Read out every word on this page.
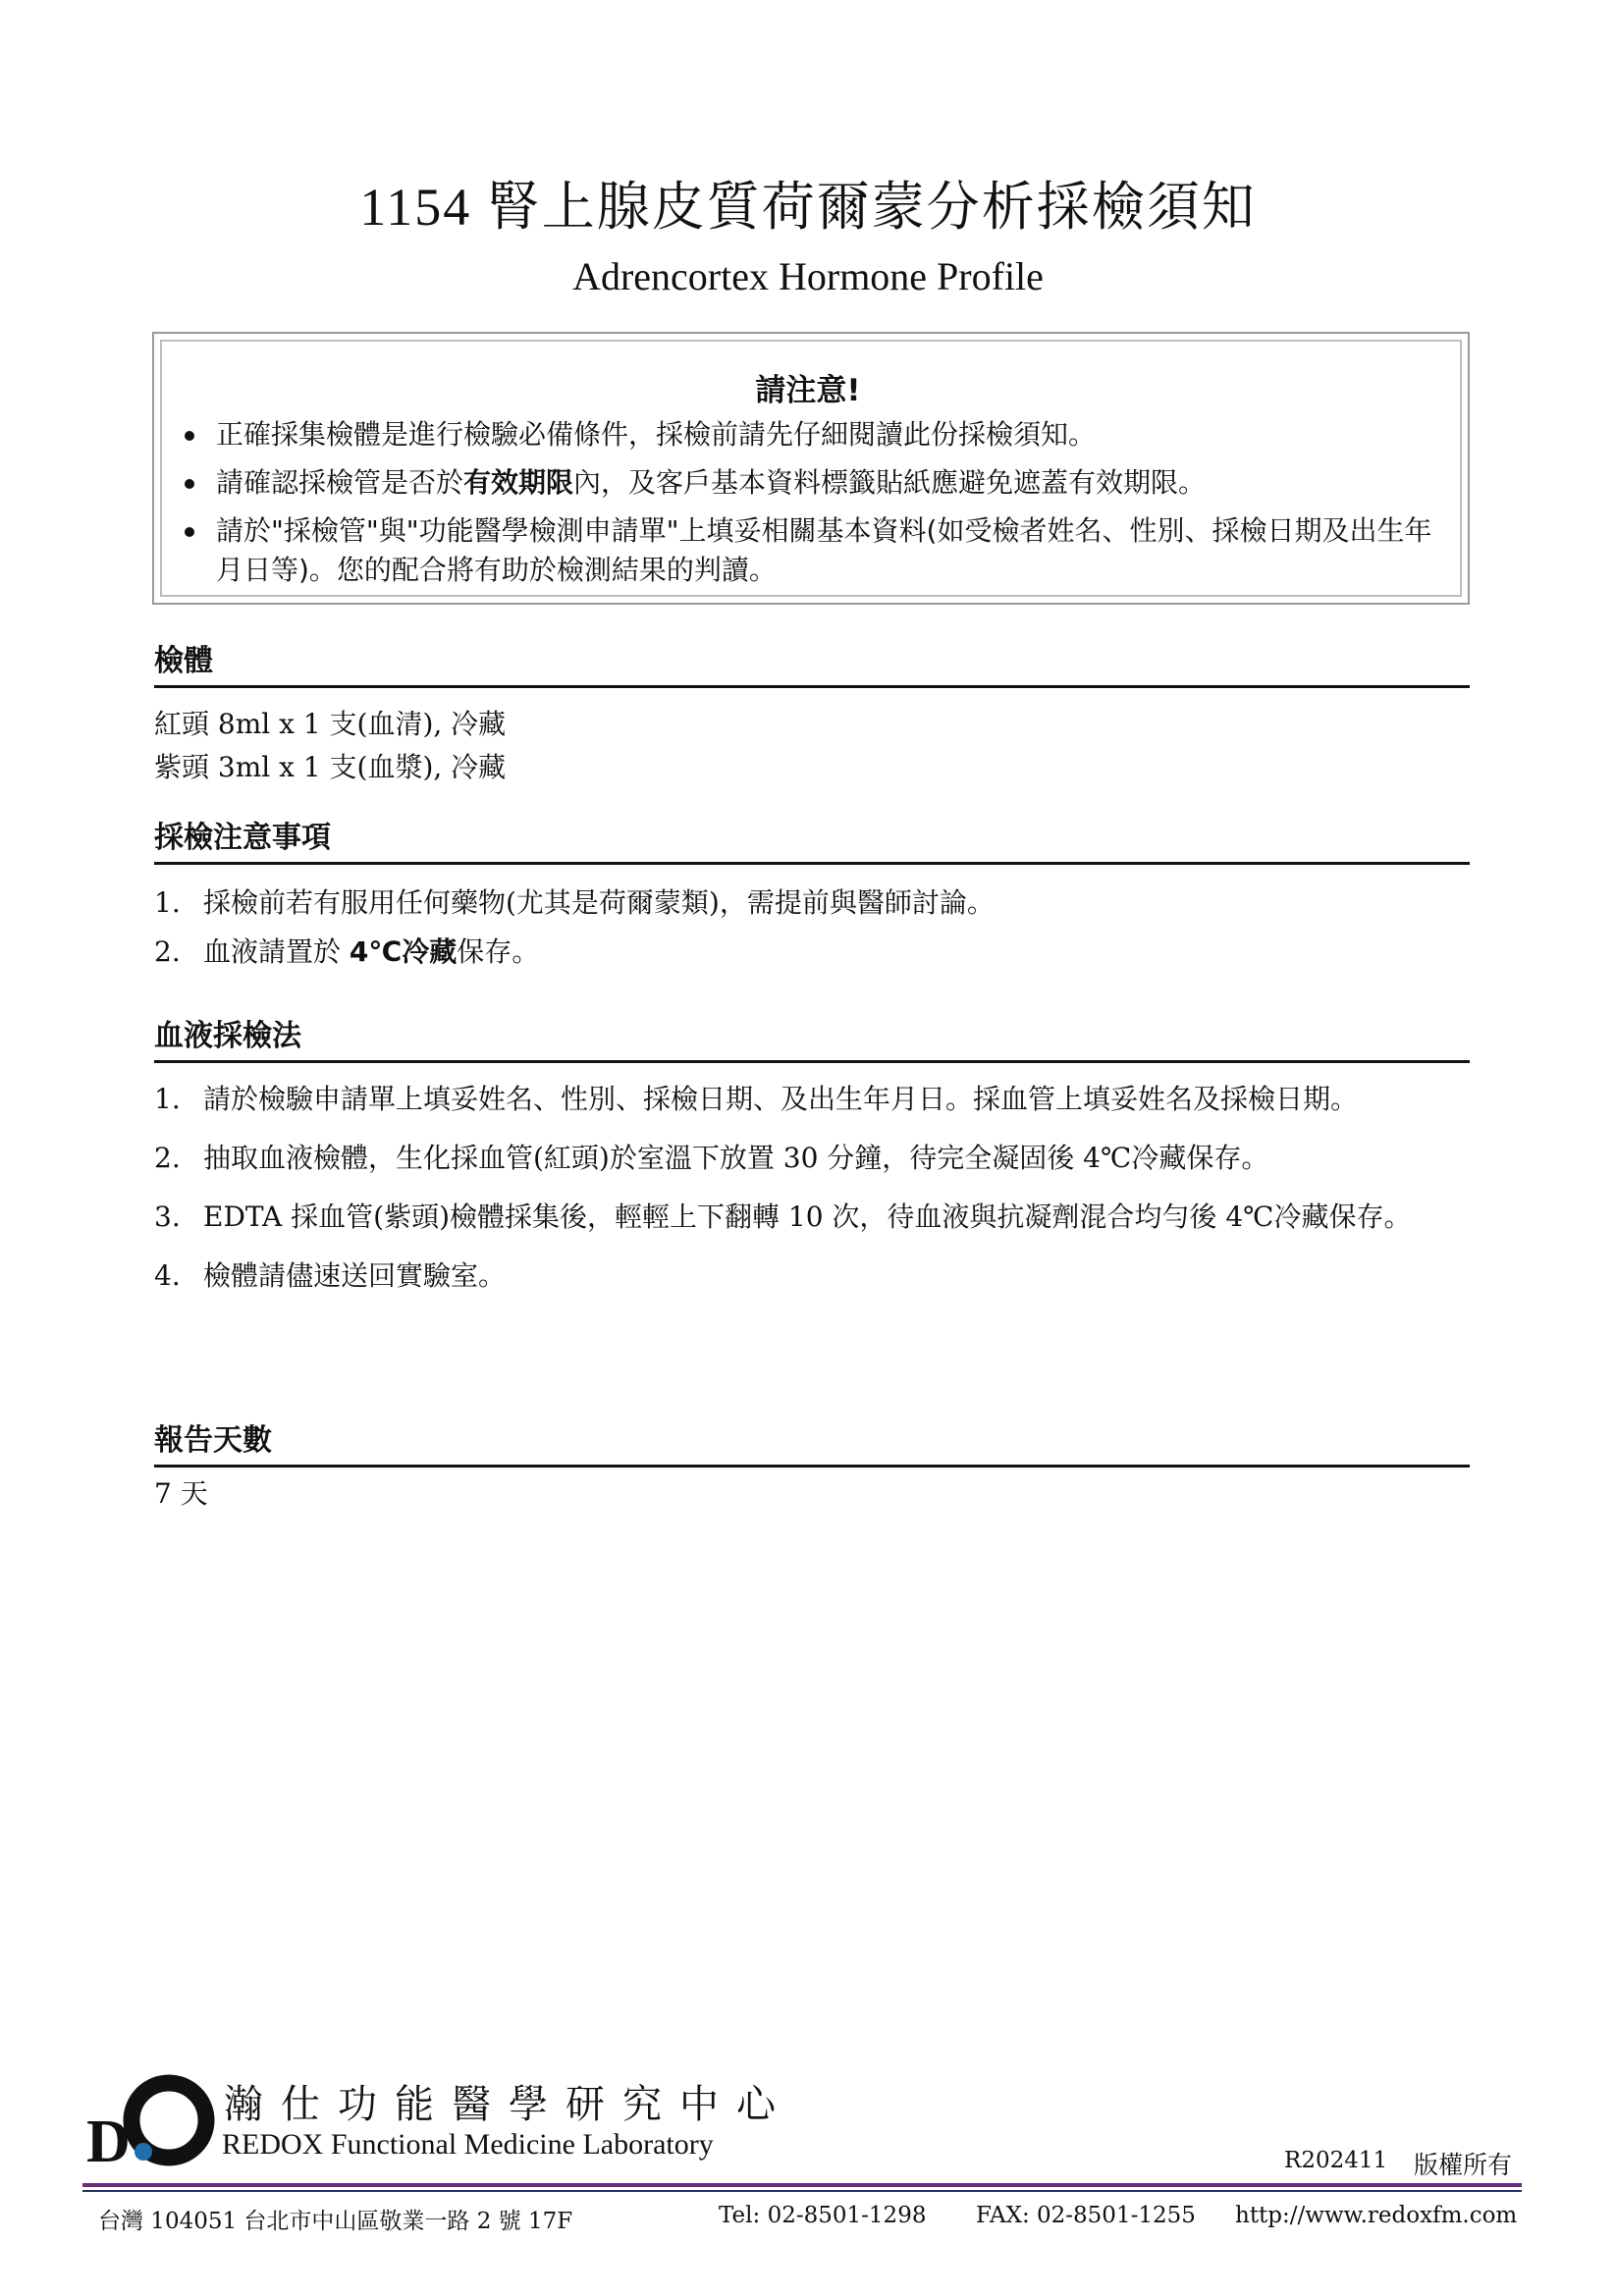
1154 腎上腺皮質荷爾蒙分析採檢須知
Adrencortex Hormone Profile
請注意!
正確採集檢體是進行檢驗必備條件，採檢前請先仔細閱讀此份採檢須知。
請確認採檢管是否於有效期限內，及客戶基本資料標籤貼紙應避免遮蓋有效期限。
請於"採檢管"與"功能醫學檢測申請單"上填妥相關基本資料(如受檢者姓名、性別、採檢日期及出生年月日等)。您的配合將有助於檢測結果的判讀。
檢體
紅頭 8ml x 1 支(血清), 冷藏
紫頭 3ml x 1 支(血漿), 冷藏
採檢注意事項
1. 採檢前若有服用任何藥物(尤其是荷爾蒙類)，需提前與醫師討論。
2. 血液請置於 4℃冷藏保存。
血液採檢法
1. 請於檢驗申請單上填妥姓名、性別、採檢日期、及出生年月日。採血管上填妥姓名及採檢日期。
2. 抽取血液檢體，生化採血管(紅頭)於室溫下放置 30 分鐘，待完全凝固後 4℃冷藏保存。
3. EDTA 採血管(紫頭)檢體採集後，輕輕上下翻轉 10 次，待血液與抗凝劑混合均勻後 4℃冷藏保存。
4. 檢體請儘速送回實驗室。
報告天數
7 天
D
瀚仕功能醫學研究中心
REDOX Functional Medicine Laboratory	R202411 版權所有
台灣 104051 台北市中山區敬業一路 2 號 17F	Tel: 02-8501-1298 FAX: 02-8501-1255 http://www.redoxfm.com
